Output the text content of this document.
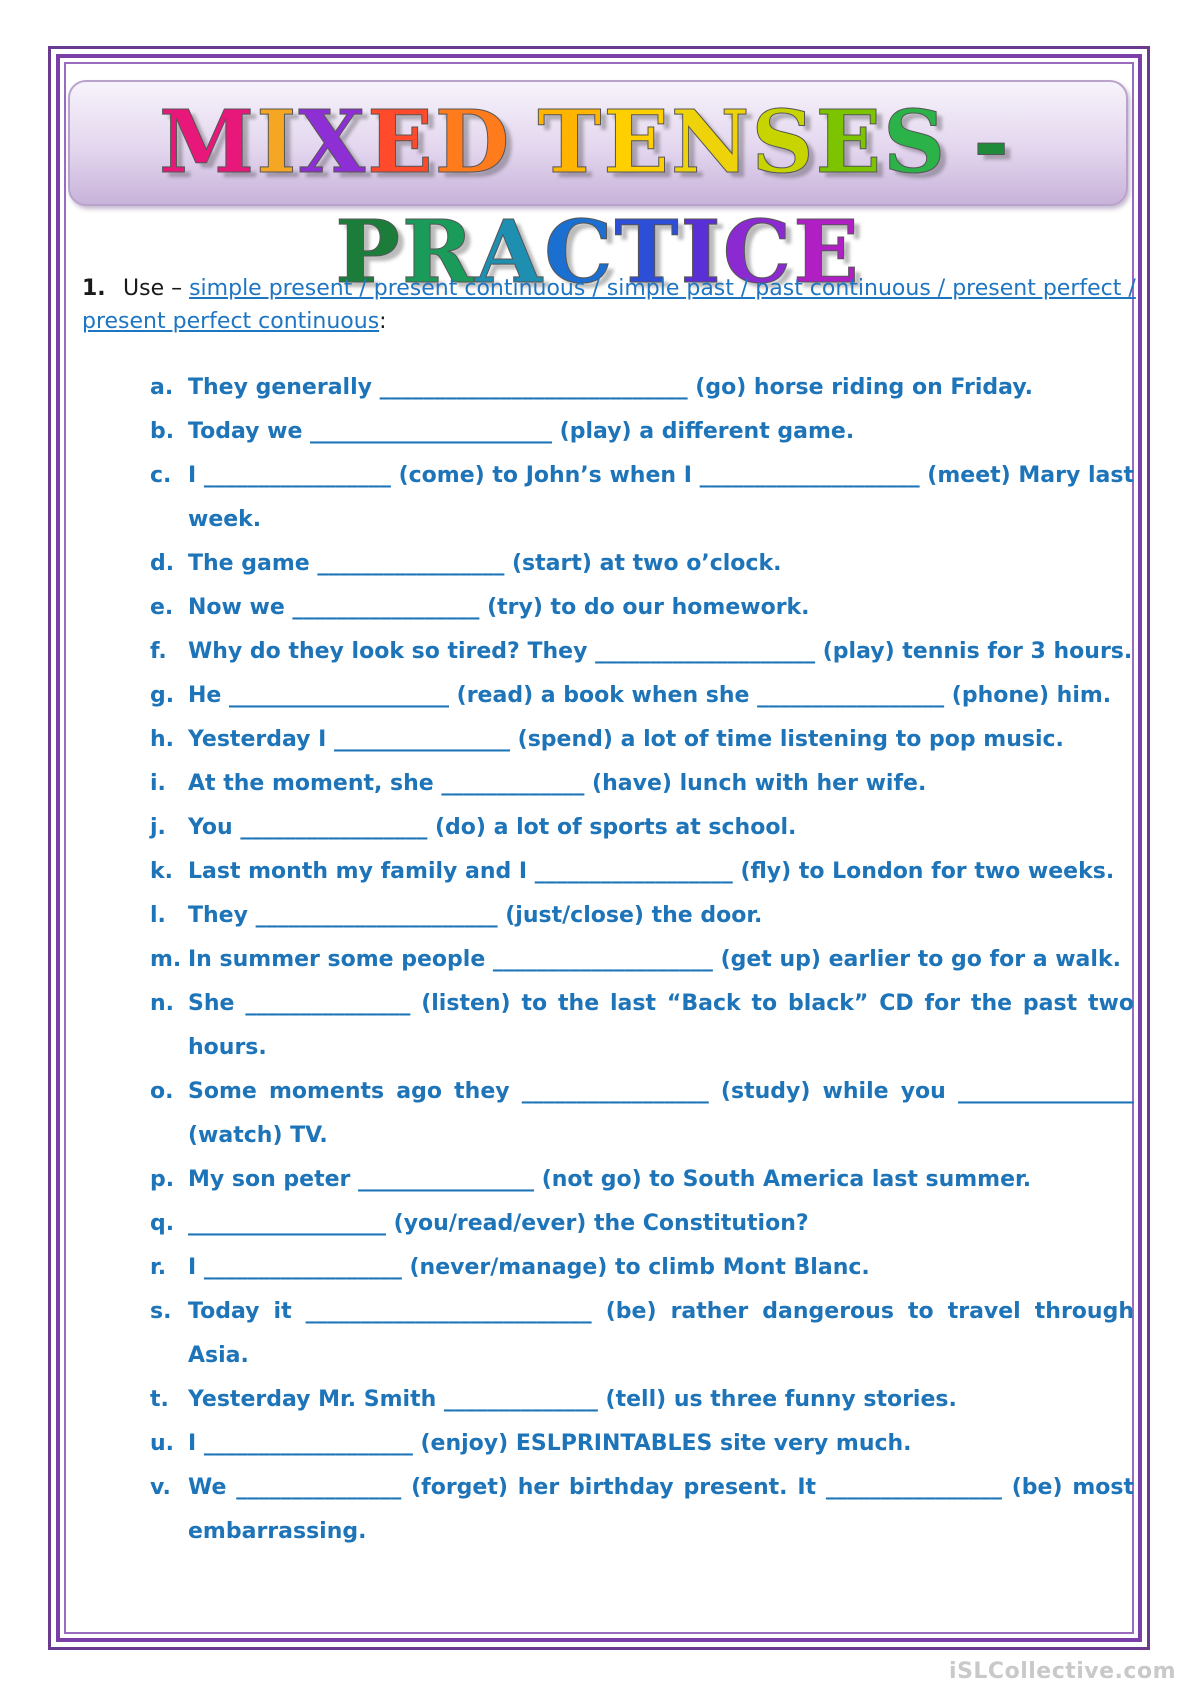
MIXED TENSES -PRACTICE
1. Use – simple present / present continuous / simple past / past continuous / present perfect / present perfect continuous:
a. They generally ____________________________ (go) horse riding on Friday.
b. Today we ______________________ (play) a different game.
c. I _________________ (come) to John’s when I ____________________ (meet) Mary last week.
d. The game _________________ (start) at two o’clock.
e. Now we _________________ (try) to do our homework.
f. Why do they look so tired? They ____________________ (play) tennis for 3 hours.
g. He ____________________ (read) a book when she _________________ (phone) him.
h. Yesterday I ________________ (spend) a lot of time listening to pop music.
i.	At the moment, she _____________ (have) lunch with her wife.
j.	You _________________ (do) a lot of sports at school.
k. Last month my family and I __________________ (fly) to London for two weeks.
l.	They ______________________ (just/close) the door.
m. In summer some people ____________________ (get up) earlier to go for a walk.
n. She _______________ (listen) to the last “Back to black” CD for the past two hours.
o. Some moments ago they _________________ (study) while you ________________ (watch) TV.
p. My son peter ________________ (not go) to South America last summer.
q. __________________ (you/read/ever) the Constitution?
r. I __________________ (never/manage) to climb Mont Blanc.
s. Today it __________________________ (be) rather dangerous to travel through Asia.
t. Yesterday Mr. Smith ______________ (tell) us three funny stories.
u. I ___________________ (enjoy) ESLPRINTABLES site very much.
v. We _______________ (forget) her birthday present. It ________________ (be) most embarrassing.
iSLCollective.com
